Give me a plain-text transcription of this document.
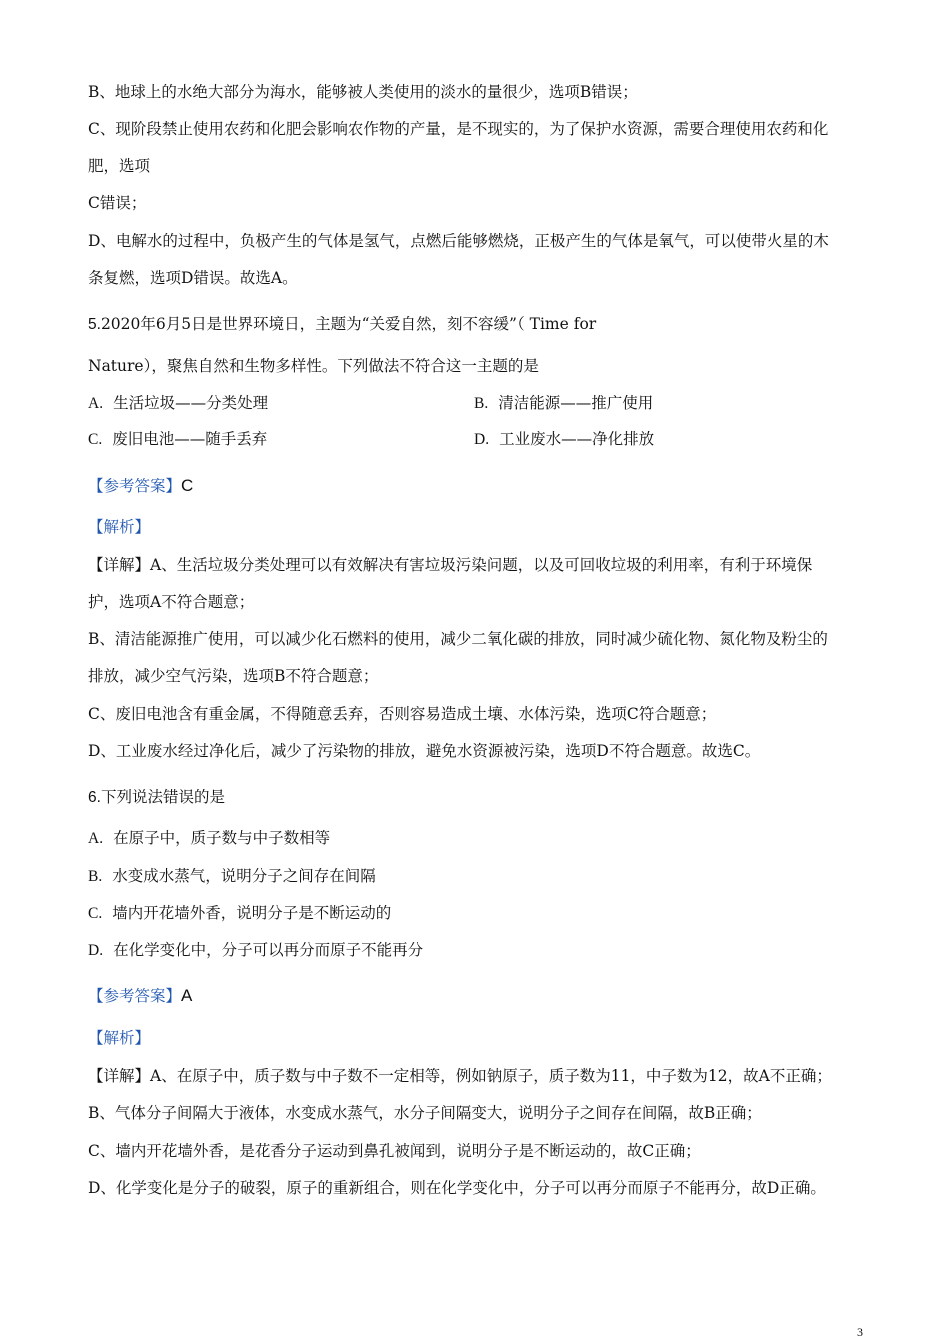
B、地球上的水绝大部分为海水，能够被人类使用的淡水的量很少，选项B错误；
C、现阶段禁止使用农药和化肥会影响农作物的产量，是不现实的，为了保护水资源，需要合理使用农药和化
肥，选项
C错误；
D、电解水的过程中，负极产生的气体是氢气，点燃后能够燃烧，正极产生的气体是氧气，可以使带火星的木
条复燃，选项D错误。故选A。
5.2020年6月5日是世界环境日，主题为“关爱自然，刻不容缓”（ Time for
Nature），聚焦自然和生物多样性。下列做法不符合这一主题的是
A. 生活垃圾——分类处理	B. 清洁能源——推广使用
C. 废旧电池——随手丢弃	D. 工业废水——净化排放
【参考答案】C
【解析】
【详解】A、生活垃圾分类处理可以有效解决有害垃圾污染问题，以及可回收垃圾的利用率，有利于环境保
护，选项A不符合题意；
B、清洁能源推广使用，可以减少化石燃料的使用，减少二氧化碳的排放，同时减少硫化物、氮化物及粉尘的
排放，减少空气污染，选项B不符合题意；
C、废旧电池含有重金属，不得随意丢弃，否则容易造成土壤、水体污染，选项C符合题意；
D、工业废水经过净化后，减少了污染物的排放，避免水资源被污染，选项D不符合题意。故选C。
6.下列说法错误的是
A. 在原子中，质子数与中子数相等
B. 水变成水蒸气，说明分子之间存在间隔
C. 墙内开花墙外香，说明分子是不断运动的
D. 在化学变化中，分子可以再分而原子不能再分
【参考答案】A
【解析】
【详解】A、在原子中，质子数与中子数不一定相等，例如钠原子，质子数为11，中子数为12，故A不正确；
B、气体分子间隔大于液体，水变成水蒸气，水分子间隔变大，说明分子之间存在间隔，故B正确；
C、墙内开花墙外香，是花香分子运动到鼻孔被闻到，说明分子是不断运动的，故C正确；
D、化学变化是分子的破裂，原子的重新组合，则在化学变化中，分子可以再分而原子不能再分，故D正确。
3
